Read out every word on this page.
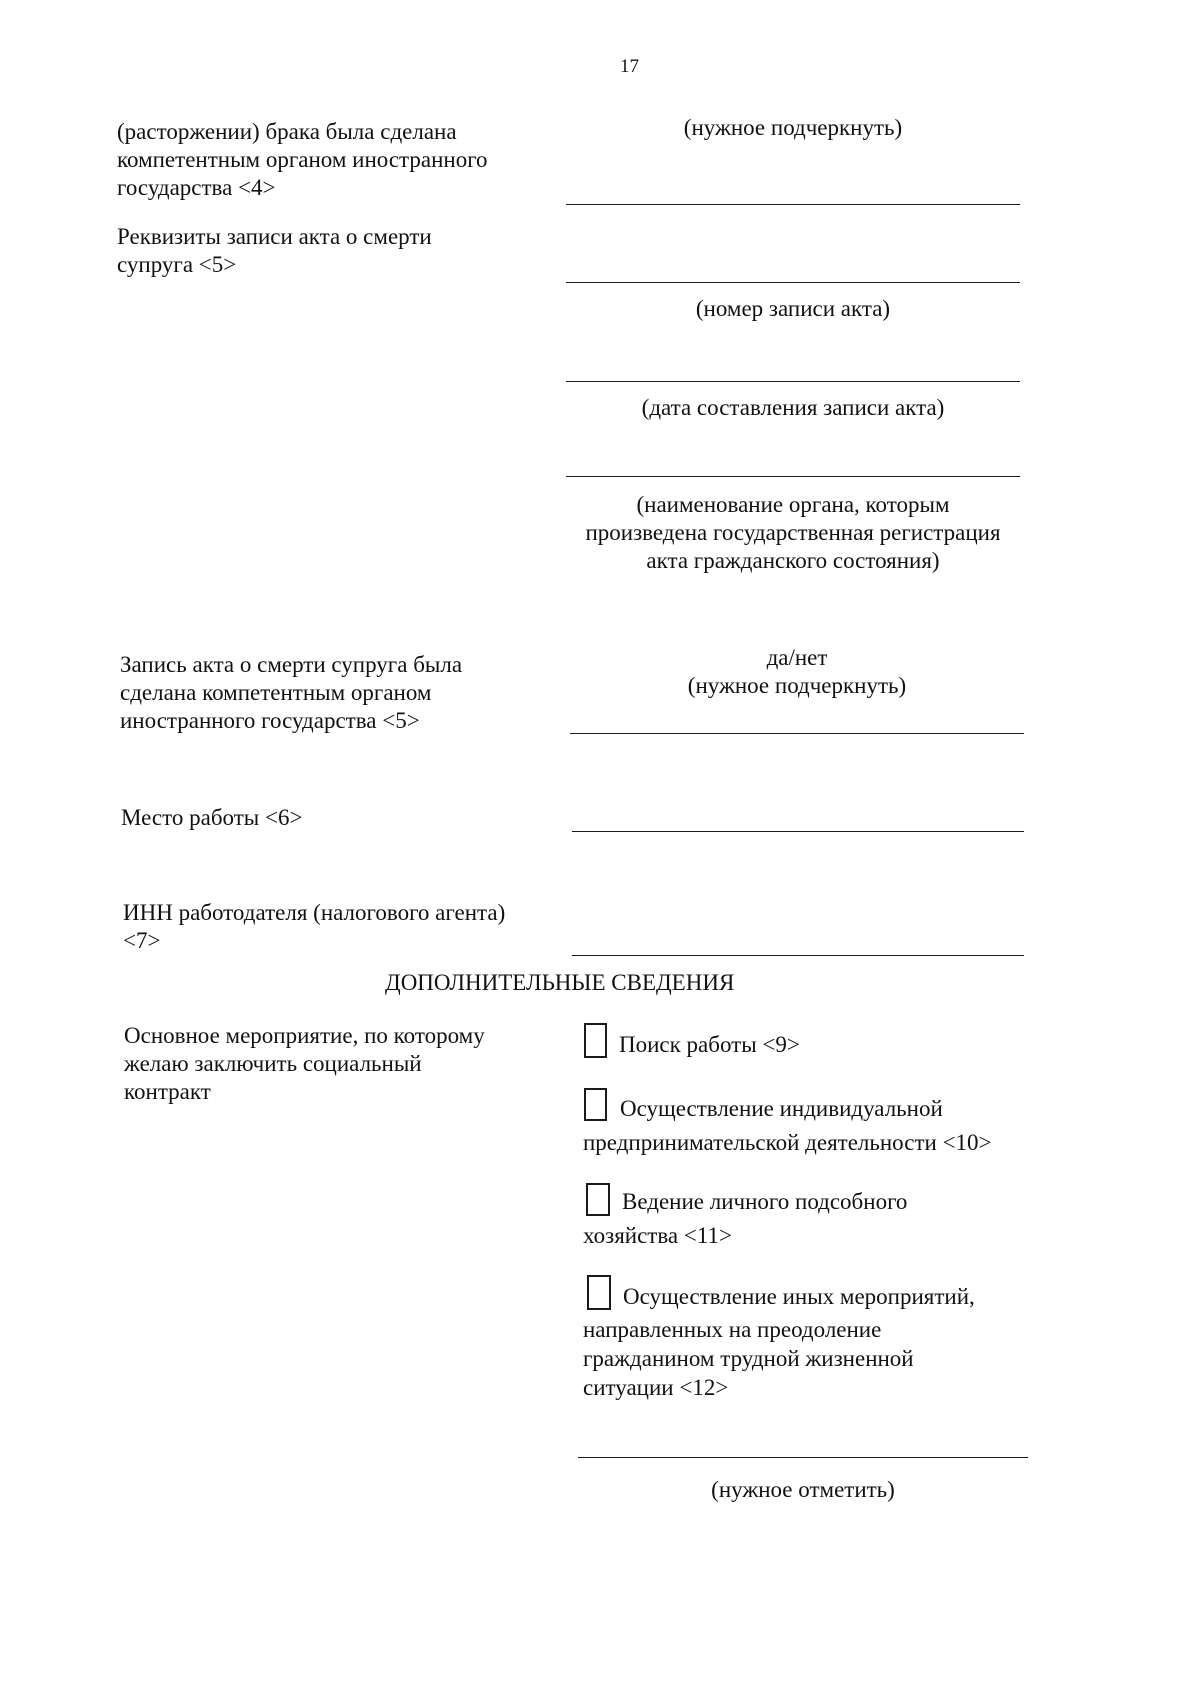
17
(расторжении) брака была сделана
компетентным органом иностранного
государства <4>
(нужное подчеркнуть)
Реквизиты записи акта о смерти
супруга <5>
(номер записи акта)
(дата составления записи акта)
(наименование органа, которым
произведена государственная регистрация
акта гражданского состояния)
Запись акта о смерти супруга была
сделана компетентным органом
иностранного государства <5>
да/нет
(нужное подчеркнуть)
Место работы <6>
ИНН работодателя (налогового агента)
<7>
ДОПОЛНИТЕЛЬНЫЕ СВЕДЕНИЯ
Основное мероприятие, по которому
желаю заключить социальный
контракт
Поиск работы <9>
Осуществление индивидуальной
предпринимательской деятельности <10>
Ведение личного подсобного
хозяйства <11>
Осуществление иных мероприятий,
направленных на преодоление
гражданином трудной жизненной
ситуации <12>
(нужное отметить)
